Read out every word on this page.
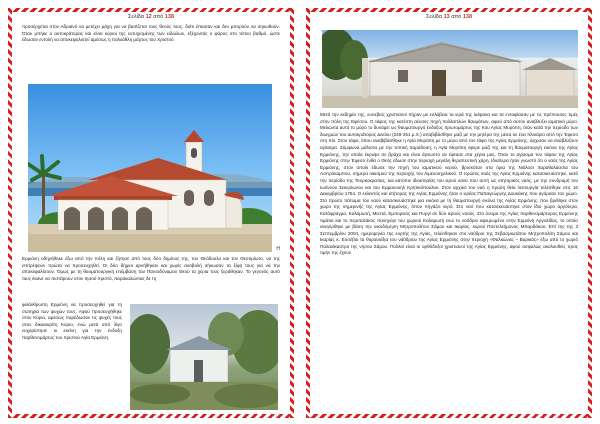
Σελίδα 12 από 138

προσέρχεται στον Αδριανό να μετέχει μάχη για να βασίζεται τους θεούς τους, διότι έπιασαν και δεν μπορούν να σηκωθούν. Όταν μπήκε ο αυτοκράτορας και είναι κύριοι της ευτυχισμένης των ειδώλων, εξέχοντάς ο φάρος στο τέτοιο βαθμό, ώστε έδωσαν εντολή να αποκεφαλιστεί αμέσως η πολυάθλη μάρτυς του Χριστού.

Η

Ερμιόνη οδηγήθηκε έξω από την πόλη και ζήτησε από τους δύο δημίους της, τον Θεόδουλο και τον Θεοτιμίωτο, να της επιτρέψουν πρώτα να προσευχηθεί. Οι δύο δήμιοι αρνήθηκαν και χωρίς αναβολή σήκωσαν τα ξίφη τους για να την αποκεφαλίσουν. Όμως με τη θαυματουργική επέμβαση του Παντοδύναμου Θεού τα χέρια τους ξεράθηκαν. Το γεγονός αυτό τους έκανε να πιστέψουν στον Ιησού Χριστό, παρακαλώντας δε τη

φιλάνθρωπη Ερμιόνη να προσευχηθεί για τη σωτηρία των ψυχών τους. Αφού προσευχήθηκε στον Κύριο, αμέσως παρέδωσαν τις ψυχές τους στον δικαιοκρίτη Κύριο, ενώ μετά από λίγο ευχαρίστησε κι εκείνη για την ένδοξη παρθενομάρτυς του Χριστού Αγία Ερμιόνη.

Σελίδα 13 από 138

Μετά την εκδημία της, ευσεβείς χριστιανοί πήραν με ευλάβεια τα ιερά της λείψανα και τα ενταφίασαν με τις πρέπουσες τιμές στην πόλη της Εφέσου. Ο τάφος της κατέστη αέναος πηγή πολλαπλών θαυμάτων, αφού από αυτόν αναβλύζει ιαματικό μύρο. Μελώντα αυτό το μύρο το δυνάμει ως θαυματουργό ένδοξος πρωτομάρτυς της Κου Αγίας Μυρόπη, όταν κατά την περίοδο των διωγμών του αυτοκράτορος Δεκίου (249-251 μ.Χ.) αποβιβάσθηκε μαζί με την μητέρα της μέσα σε ένα πλοιάριο από την Έφεσο στη Χίο. Στον τάφο, όπου αναβιβάσθηκε η Αγία Μυρόπη με το μύρο από τον τάφο της Αγίας Ερμιόνης, άρχισαν να αναβλύζουν αγίασμα. Σύμφωνα μάλιστα με την τοπική παράδοση, η Αγία Μυρόπη έφερε μαζί της και τη θαυματουργή εικόνα της Αγίας Ερμιόνης, την οποία έκρυψε σε βράχο και είναι άγνωστο αν έφτασε στα χέρια μας. Όταν το αγίασμα του τάφου της Αγίας Ερμιόνης στην Έφεσο ένθα ο Θεός έδωσε στην περιοχή μεγάλη θεραπευτική χάρη. Ιδιαίτερα ήταν γνωστό ότι ο ναός της Αγίας Ερμιόνης, στον οποίο έδωσε την πηγή του ιαματικού νερού, βρισκόταν στα όρια της Νιόλοσι παραθαλάσσια του Ασπρόκαμπου, σήμερα οικισμού της περιοχής του Λιμενοσχολικού. Ο πρώτος ναός της Αγίας Ερμιόνης κατασκευάστηκε, κατά την περίοδο της Τουρκοκρατίας, και κατόπιν ιδιοκτησίας του ιερού ναού που αυτή ως κτητορικός ναός, με την συνδρομή του Ιωάννου Σεκερίωνου και του Εμμανουήλ Κρητικόπουλου. Στον αρχικό του ναό η πρώτη θεία λειτουργία τελέσθηκε στις 16 Δεκεμβρίου 1754. Ο εκλεκτός και κτήτορας της Αγίας Ερμιόνης ήταν ο ιερέας Παπαγεώργης Δουκάκης που αγόρασε τον χώρο. Στο πρώτο πάτωμα του ναού κατασκευάστηκε μια εικόνα με τη θαυματουργή εικόνα της Αγίας Ερμιόνης, που βρέθηκε στον χώρο της σημερινής της Αγίας Ερμιόνης, όπου πηγάζει νερό. Στο ναό που κατασκευάστηκε στον ίδιο χώρο αργότερα, Κατάφραγμα, Καλαμωτή, Μεστά, Εμπορειός και Πυργί σε δύο ιερούς ναούς. Στο όνομα της Αγίας παρθενομάρτυρος Ερμιόνης τιμάται και το περιπατάκος πανηγύρι του χωριού Καλαμωτή ενώ το ναΰδριο αφιερωμένο στην Ερμιόνη Αργολίδας, το οποίο ανεγέρθηκε με βάση την οικοδόμηση Μητροπολίτου Σάμου και Ικαρίας, κυρού Παντελεήμονος Μπαρδάκου. Επί της της 3 Σεπτεμβρίου 2004, ημερομηνία της εορτής της Αγίας, τελέσθηκαν στο ναΰδριο της Σεβασμιωτάτου Μητροπολίτη Σάμου και Ικαρίας κ. Ευσέβιο τα θυρανοίξια του ναΰδριου της Αγίας Ερμιόνης στην περιοχή «Φαλκώνας – Βαρκιάς» έξω από το χωριό Παλαιόκαστρο της νήσου Σάμου. Πολλοί είναι οι ορθόδοξοι χριστιανοί της Αγίας Ερμιόνης, αφού ασφαλώς ακολουθείς προς τιμήν της έχουν
